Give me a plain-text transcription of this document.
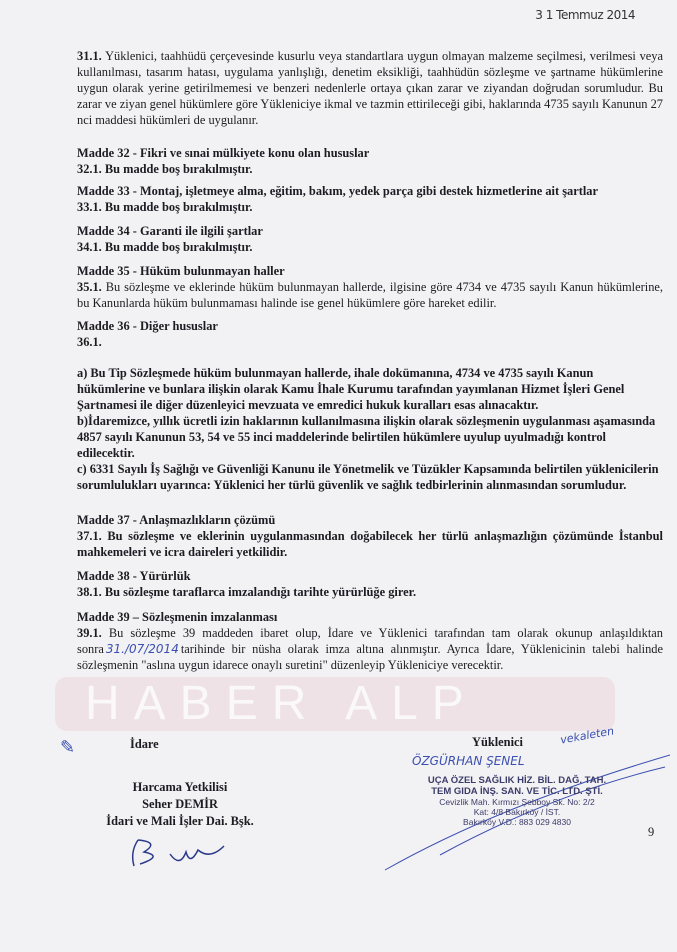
3 1 Temmuz 2014
31.1. Yüklenici, taahhüdü çerçevesinde kusurlu veya standartlara uygun olmayan malzeme seçilmesi, verilmesi veya kullanılması, tasarım hatası, uygulama yanlışlığı, denetim eksikliği, taahhüdün sözleşme ve şartname hükümlerine uygun olarak yerine getirilmemesi ve benzeri nedenlerle ortaya çıkan zarar ve ziyandan doğrudan sorumludur. Bu zarar ve ziyan genel hükümlere göre Yükleniciye ikmal ve tazmin ettirileceği gibi, haklarında 4735 sayılı Kanunun 27 nci maddesi hükümleri de uygulanır.
Madde 32 - Fikri ve sınai mülkiyete konu olan hususlar
32.1. Bu madde boş bırakılmıştır.
Madde 33 - Montaj, işletmeye alma, eğitim, bakım, yedek parça gibi destek hizmetlerine ait şartlar
33.1. Bu madde boş bırakılmıştır.
Madde 34 - Garanti ile ilgili şartlar
34.1. Bu madde boş bırakılmıştır.
Madde 35 - Hüküm bulunmayan haller
35.1. Bu sözleşme ve eklerinde hüküm bulunmayan hallerde, ilgisine göre 4734 ve 4735 sayılı Kanun hükümlerine, bu Kanunlarda hüküm bulunmaması halinde ise genel hükümlere göre hareket edilir.
Madde 36 - Diğer hususlar
36.1.
a) Bu Tip Sözleşmede hüküm bulunmayan hallerde, ihale dokümanına, 4734 ve 4735 sayılı Kanun hükümlerine ve bunlara ilişkin olarak Kamu İhale Kurumu tarafından yayımlanan Hizmet İşleri Genel Şartnamesi ile diğer düzenleyici mevzuata ve emredici hukuk kuralları esas alınacaktır.
b)İdaremizce, yıllık ücretli izin haklarının kullanılmasına ilişkin olarak sözleşmenin uygulanması aşamasında 4857 sayılı Kanunun 53, 54 ve 55 inci maddelerinde belirtilen hükümlere uyulup uyulmadığı kontrol edilecektir.
c) 6331 Sayılı İş Sağlığı ve Güvenliği Kanunu ile Yönetmelik ve Tüzükler Kapsamında belirtilen yüklenicilerin sorumlulukları uyarınca: Yüklenici her türlü güvenlik ve sağlık tedbirlerinin alınmasından sorumludur.
Madde 37 - Anlaşmazlıkların çözümü
37.1. Bu sözleşme ve eklerinin uygulanmasından doğabilecek her türlü anlaşmazlığın çözümünde İstanbul mahkemeleri ve icra daireleri yetkilidir.
Madde 38 - Yürürlük
38.1. Bu sözleşme taraflarca imzalandığı tarihte yürürlüğe girer.
Madde 39 – Sözleşmenin imzalanması
39.1. Bu sözleşme 39 maddeden ibaret olup, İdare ve Yüklenici tarafından tam olarak okunup anlaşıldıktan sonra 31./07/2014 tarihinde bir nüsha olarak imza altına alınmıştır. Ayrıca İdare, Yüklenicinin talebi halinde sözleşmenin "aslına uygun idarece onaylı suretini" düzenleyip Yükleniciye verecektir.
HABER ALP
✎	İdare
Harcama Yetkilisi
Seher DEMİR
İdari ve Mali İşler Dai. Bşk.
Yüklenici	vekaleten
ÖZGÜRHAN ŞENEL
UÇA ÖZEL SAĞLIK HİZ. BİL. DAĞ. TAH.
TEM GIDA İNŞ. SAN. VE TİC. LTD. ŞTİ.
Cevizlik Mah. Kırmızı Şebboy Sk. No: 2/2
Kat: 4/8 Bakırköy / İST.
Bakırköy V.D.: 883 029 4830
9
